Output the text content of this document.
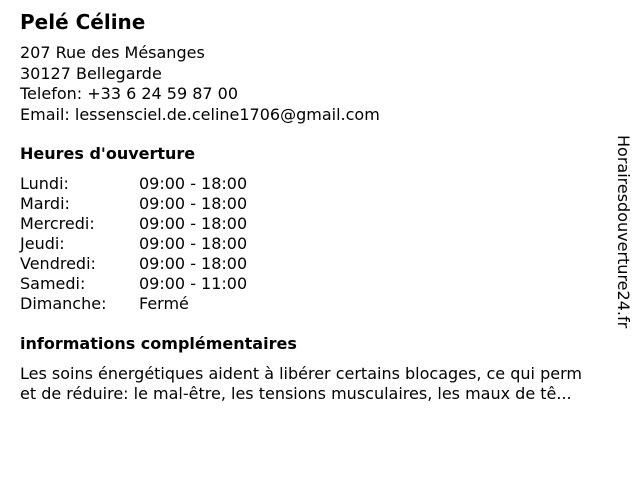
Pelé Céline
207 Rue des Mésanges
30127 Bellegarde
Telefon: +33 6 24 59 87 00
Email: lessensciel.de.celine1706@gmail.com
Heures d'ouverture
Lundi:	09:00 - 18:00
Mardi:	09:00 - 18:00
Mercredi:	09:00 - 18:00
Jeudi:	09:00 - 18:00
Vendredi:	09:00 - 18:00
Samedi:	09:00 - 11:00
Dimanche: Fermé
informations complémentaires
Les soins énergétiques aident à libérer certains blocages, ce qui perm
et de réduire: le mal-être, les tensions musculaires, les maux de tê...
Horairesdouverture24.fr
